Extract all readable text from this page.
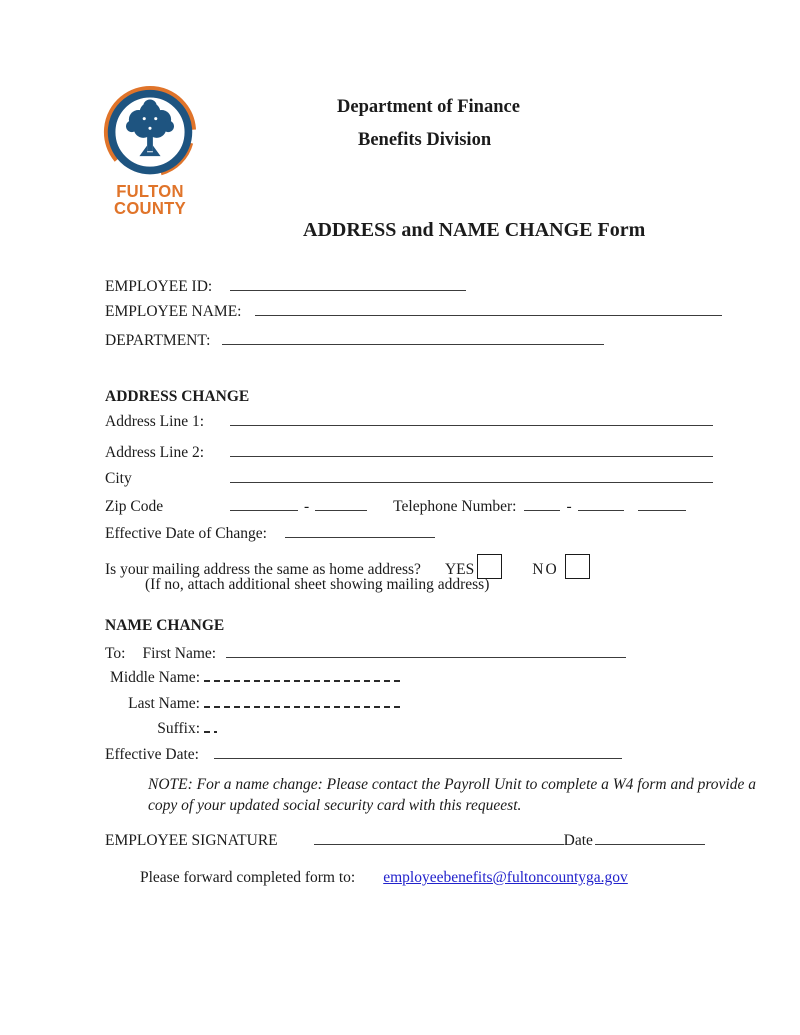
FULTON
COUNTY
Department of Finance
Benefits Division
ADDRESS and NAME CHANGE Form
EMPLOYEE ID:
EMPLOYEE NAME:
DEPARTMENT:
ADDRESS CHANGE
Address Line 1:
Address Line 2:
City
Zip Code	-	Telephone Number:	-
Effective Date of Change:
Is your mailing address the same as home address? YES	NO
(If no, attach additional sheet showing mailing address)
NAME CHANGE
To: First Name:
Middle Name:
Last Name:
Suffix:
Effective Date:
NOTE: For a name change: Please contact the Payroll Unit to complete a W4 form and provide a copy of your updated social security card with this requeest.
EMPLOYEE SIGNATURE	Date
Please forward completed form to: employeebenefits@fultoncountyga.gov
